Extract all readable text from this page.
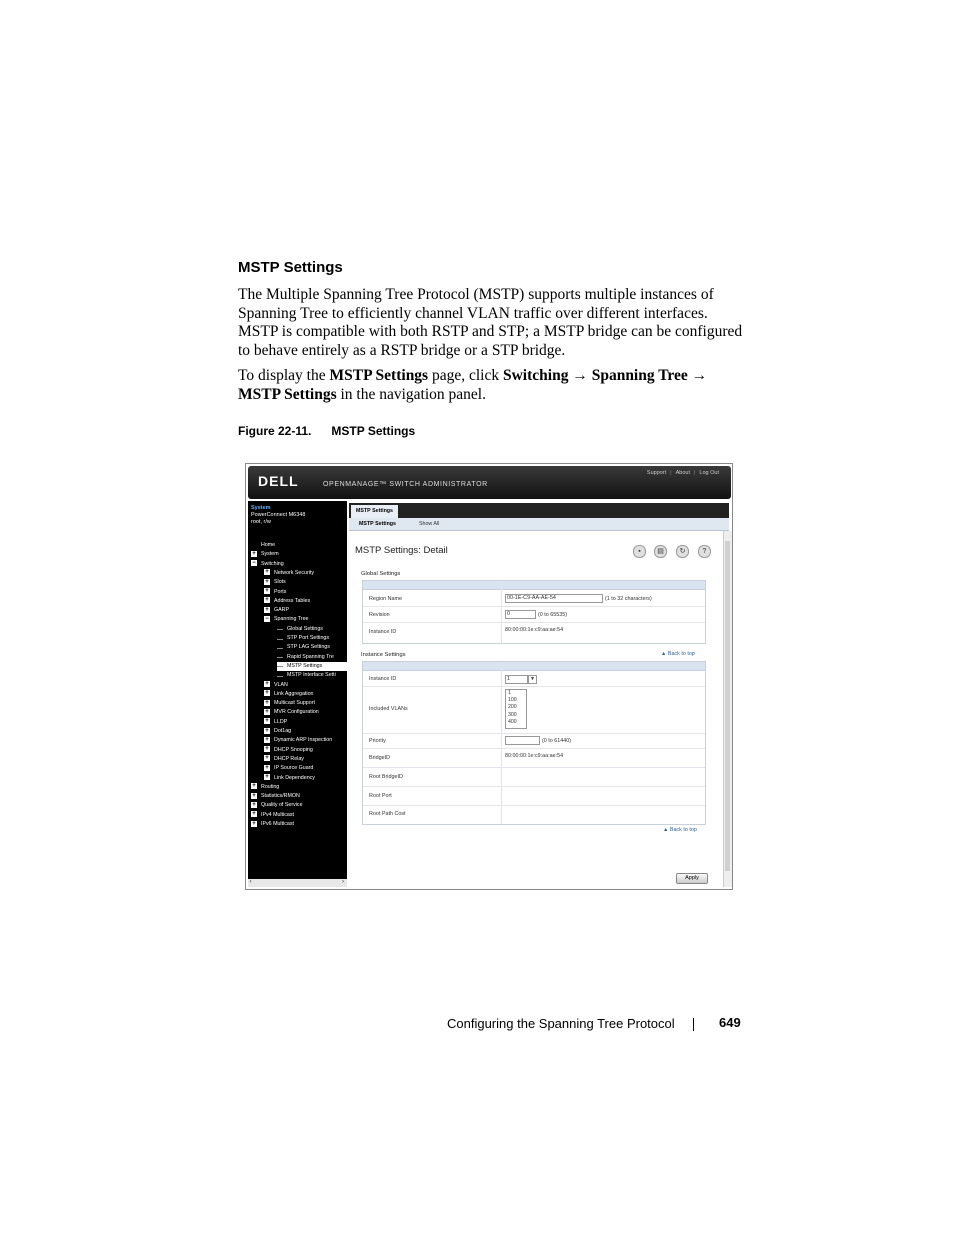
MSTP Settings
The Multiple Spanning Tree Protocol (MSTP) supports multiple instances of Spanning Tree to efficiently channel VLAN traffic over different interfaces. MSTP is compatible with both RSTP and STP; a MSTP bridge can be configured to behave entirely as a RSTP bridge or a STP bridge.
To display the MSTP Settings page, click Switching → Spanning Tree → MSTP Settings in the navigation panel.
Figure 22-11. MSTP Settings
DELL	OPENMANAGE™ SWITCH ADMINISTRATOR
Support | About | Log Out
System
PowerConnect M6348
root, r/w
Home
+ System
− Switching
+ Network Security
+ Slots
+ Ports
+ Address Tables
+ GARP
− Spanning Tree
Global Settings
STP Port Settings
STP LAG Settings
Rapid Spanning Tre
MSTP Settings
MSTP Interface Setti
+ VLAN
+ Link Aggregation
+ Multicast Support
+ MVR Configuration
+ LLDP
+ Dot1ag
+ Dynamic ARP Inspection
+ DHCP Snooping
+ DHCP Relay
+ IP Source Guard
+ Link Dependency
+ Routing
+ Statistics/RMON
+ Quality of Service
+ IPv4 Multicast
+ IPv6 Multicast
‹	›
MSTP Settings
MSTP Settings	Show All
MSTP Settings: Detail	▪	▤	↻	?
Global Settings
Region Name	00-1E-C9-AA-AE-54	(1 to 32 characters)
Revision	0	(0 to 65535)
Instance ID	80:00:00:1e:c9:aa:ae:54
Instance Settings	▲ Back to top
Instance ID	1	▼
Included VLANs
1
100
200
300
400
Priority	(0 to 61440)
BridgeID	80:00:00:1e:c9:aa:ae:54
Root BridgeID
Root Port
Root Path Cost
▲ Back to top
Apply
Configuring the Spanning Tree Protocol	649
